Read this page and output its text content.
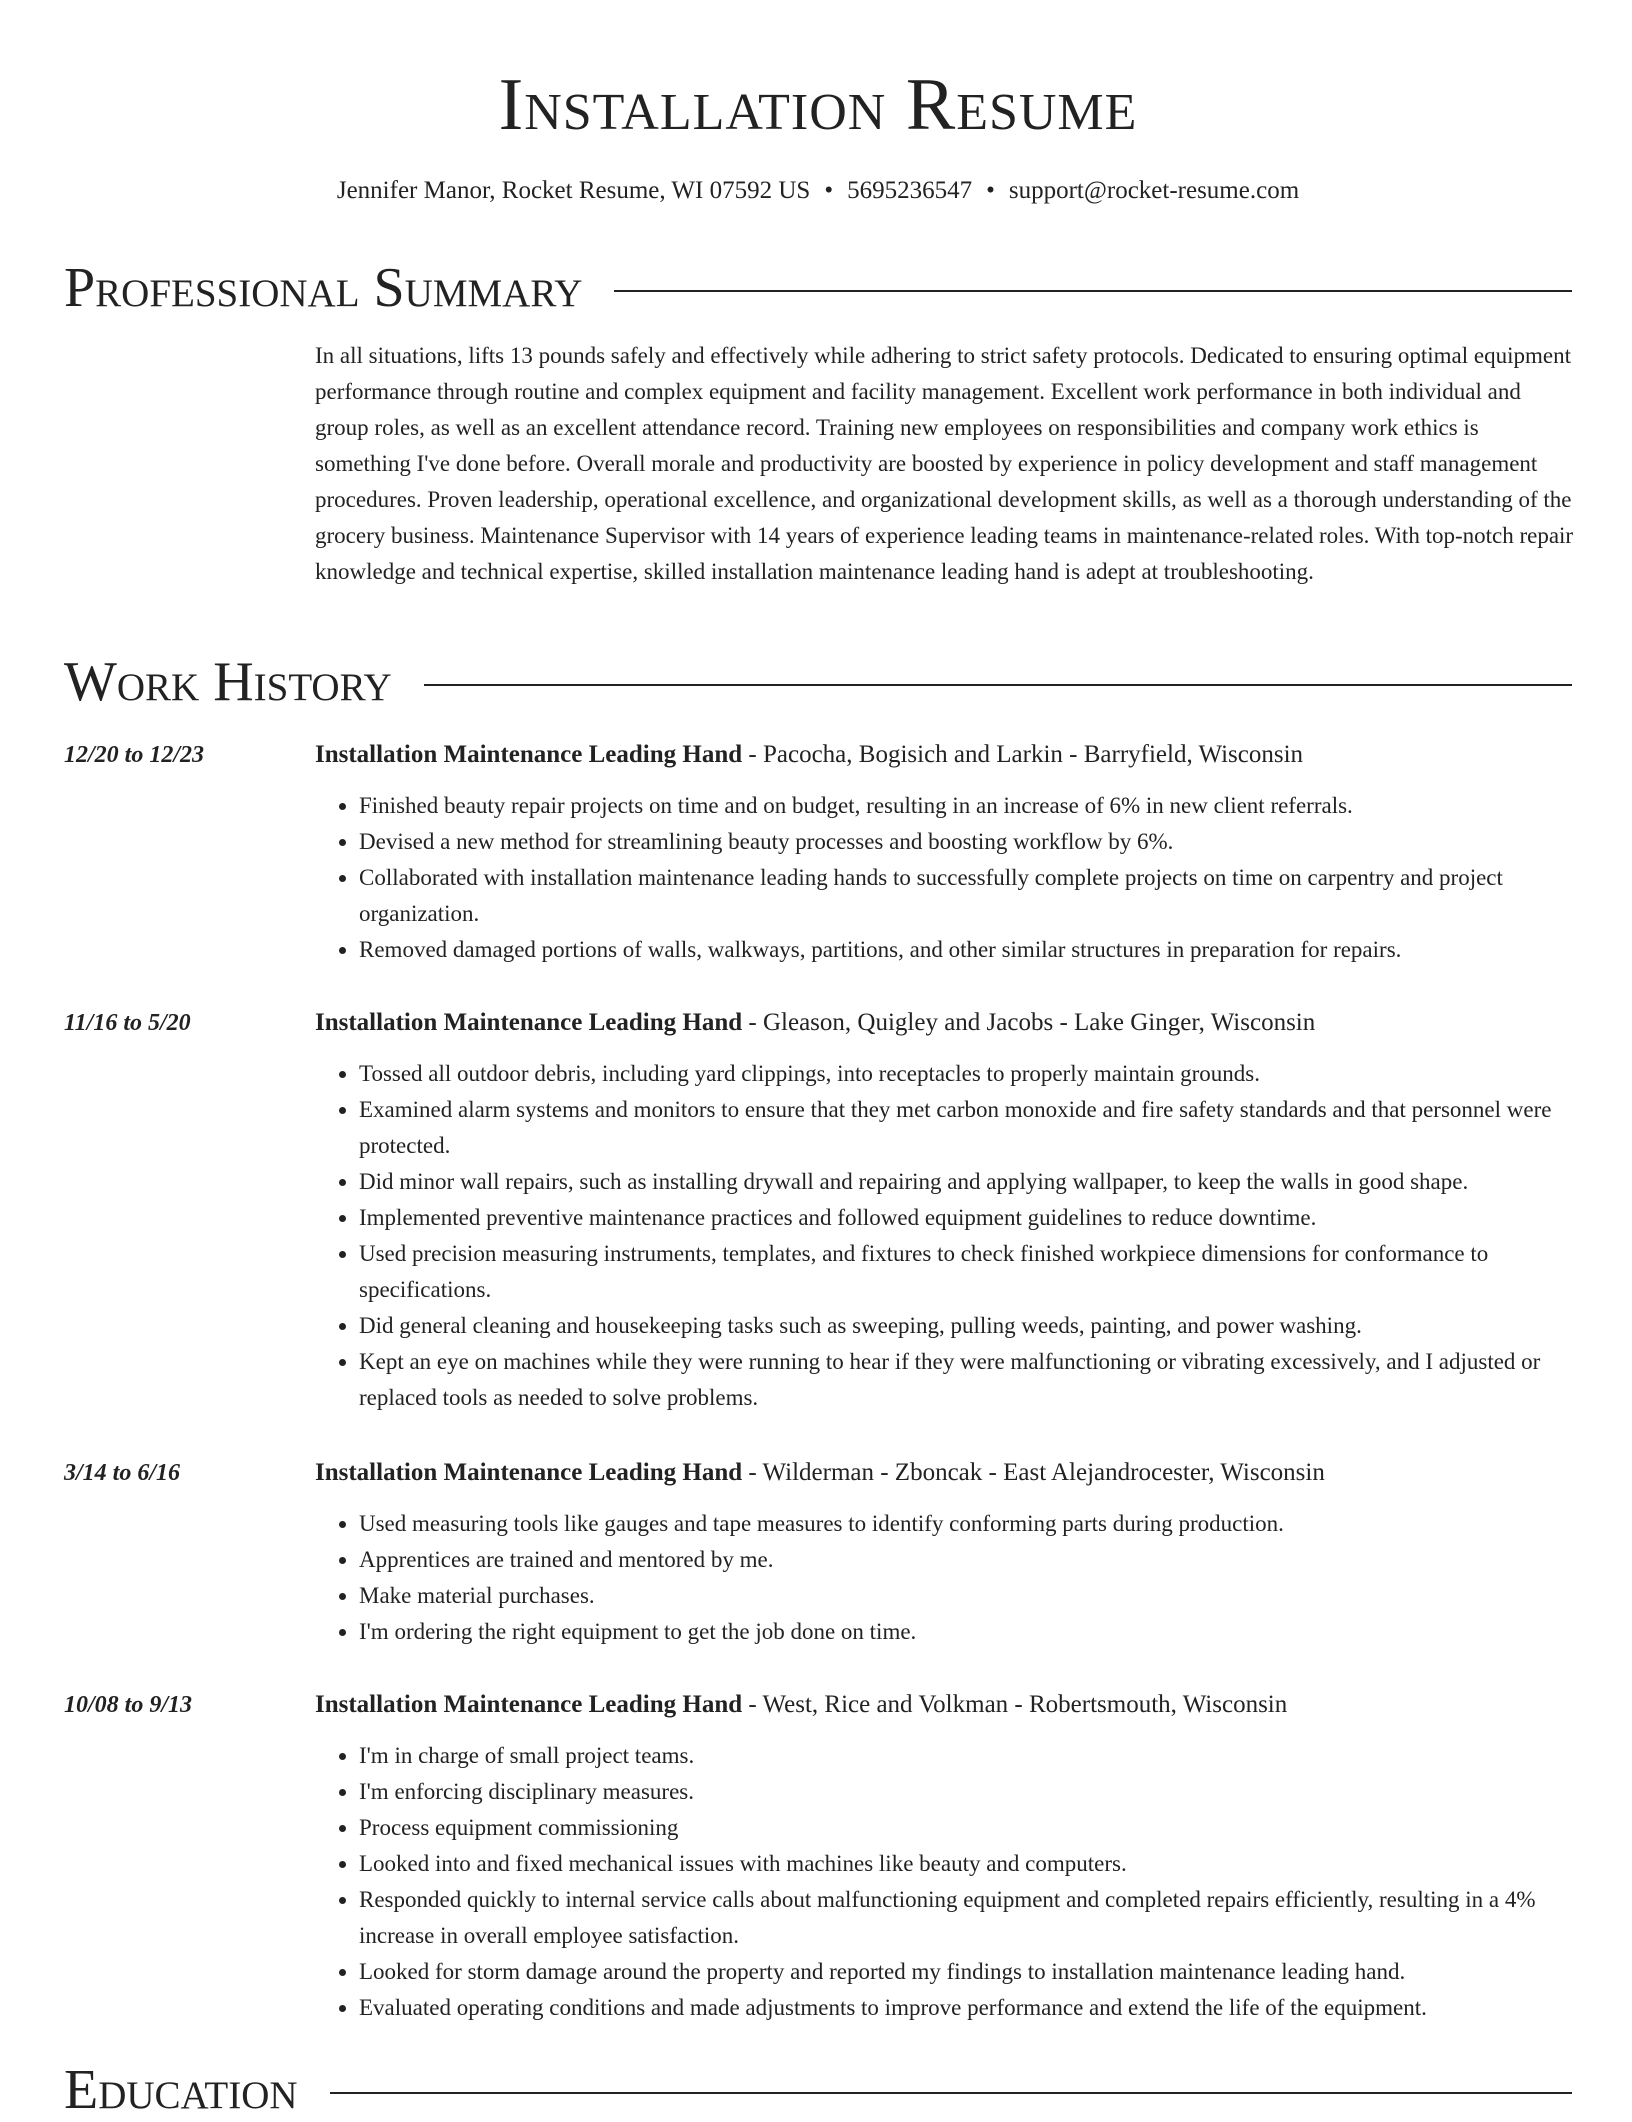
Installation Resume
Jennifer Manor, Rocket Resume, WI 07592 US • 5695236547 • support@rocket-resume.com
Professional Summary
In all situations, lifts 13 pounds safely and effectively while adhering to strict safety protocols. Dedicated to ensuring optimal equipment performance through routine and complex equipment and facility management. Excellent work performance in both individual and group roles, as well as an excellent attendance record. Training new employees on responsibilities and company work ethics is something I've done before. Overall morale and productivity are boosted by experience in policy development and staff management procedures. Proven leadership, operational excellence, and organizational development skills, as well as a thorough understanding of the grocery business. Maintenance Supervisor with 14 years of experience leading teams in maintenance-related roles. With top-notch repair knowledge and technical expertise, skilled installation maintenance leading hand is adept at troubleshooting.
Work History
12/20 to 12/23	Installation Maintenance Leading Hand - Pacocha, Bogisich and Larkin - Barryfield, Wisconsin
• Finished beauty repair projects on time and on budget, resulting in an increase of 6% in new client referrals.
• Devised a new method for streamlining beauty processes and boosting workflow by 6%.
• Collaborated with installation maintenance leading hands to successfully complete projects on time on carpentry and project organization.
• Removed damaged portions of walls, walkways, partitions, and other similar structures in preparation for repairs.
11/16 to 5/20	Installation Maintenance Leading Hand - Gleason, Quigley and Jacobs - Lake Ginger, Wisconsin
• Tossed all outdoor debris, including yard clippings, into receptacles to properly maintain grounds.
• Examined alarm systems and monitors to ensure that they met carbon monoxide and fire safety standards and that personnel were protected.
• Did minor wall repairs, such as installing drywall and repairing and applying wallpaper, to keep the walls in good shape.
• Implemented preventive maintenance practices and followed equipment guidelines to reduce downtime.
• Used precision measuring instruments, templates, and fixtures to check finished workpiece dimensions for conformance to specifications.
• Did general cleaning and housekeeping tasks such as sweeping, pulling weeds, painting, and power washing.
• Kept an eye on machines while they were running to hear if they were malfunctioning or vibrating excessively, and I adjusted or replaced tools as needed to solve problems.
3/14 to 6/16	Installation Maintenance Leading Hand - Wilderman - Zboncak - East Alejandrocester, Wisconsin
• Used measuring tools like gauges and tape measures to identify conforming parts during production.
• Apprentices are trained and mentored by me.
• Make material purchases.
• I'm ordering the right equipment to get the job done on time.
10/08 to 9/13	Installation Maintenance Leading Hand - West, Rice and Volkman - Robertsmouth, Wisconsin
• I'm in charge of small project teams.
• I'm enforcing disciplinary measures.
• Process equipment commissioning
• Looked into and fixed mechanical issues with machines like beauty and computers.
• Responded quickly to internal service calls about malfunctioning equipment and completed repairs efficiently, resulting in a 4% increase in overall employee satisfaction.
• Looked for storm damage around the property and reported my findings to installation maintenance leading hand.
• Evaluated operating conditions and made adjustments to improve performance and extend the life of the equipment.
Education
